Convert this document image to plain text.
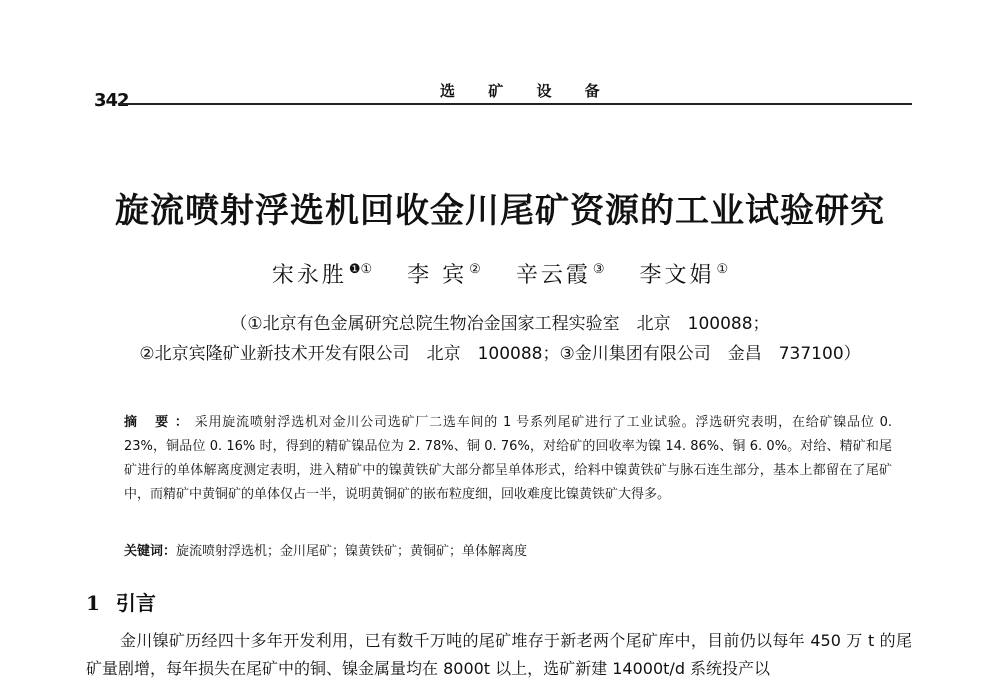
342	选 矿 设 备
旋流喷射浮选机回收金川尾矿资源的工业试验研究
宋永胜 $^{❶①}$ 李 宾 ② 辛云霞 ③ 李文娟 ①
（①北京有色金属研究总院生物冶金国家工程实验室　北京　100088；
②北京宾隆矿业新技术开发有限公司　北京　100088；③金川集团有限公司　金昌　737100）
摘 要：采用旋流喷射浮选机对金川公司选矿厂二选车间的 1 号系列尾矿进行了工业试验。浮选研究表明，在给矿镍品位 0. 23%，铜品位 0. 16% 时，得到的精矿镍品位为 2. 78%、铜 0. 76%，对给矿的回收率为镍 14. 86%、铜 6. 0%。对给、精矿和尾矿进行的单体解离度测定表明，进入精矿中的镍黄铁矿大部分都呈单体形式，给料中镍黄铁矿与脉石连生部分，基本上都留在了尾矿中，而精矿中黄铜矿的单体仅占一半，说明黄铜矿的嵌布粒度细，回收难度比镍黄铁矿大得多。
关键词：旋流喷射浮选机；金川尾矿；镍黄铁矿；黄铜矿；单体解离度
1 引言
金川镍矿历经四十多年开发利用，已有数千万吨的尾矿堆存于新老两个尾矿库中，目前仍以每年 450 万 t 的尾矿量剧增，每年损失在尾矿中的铜、镍金属量均在 8000t 以上，选矿新建 14000t/d 系统投产以
